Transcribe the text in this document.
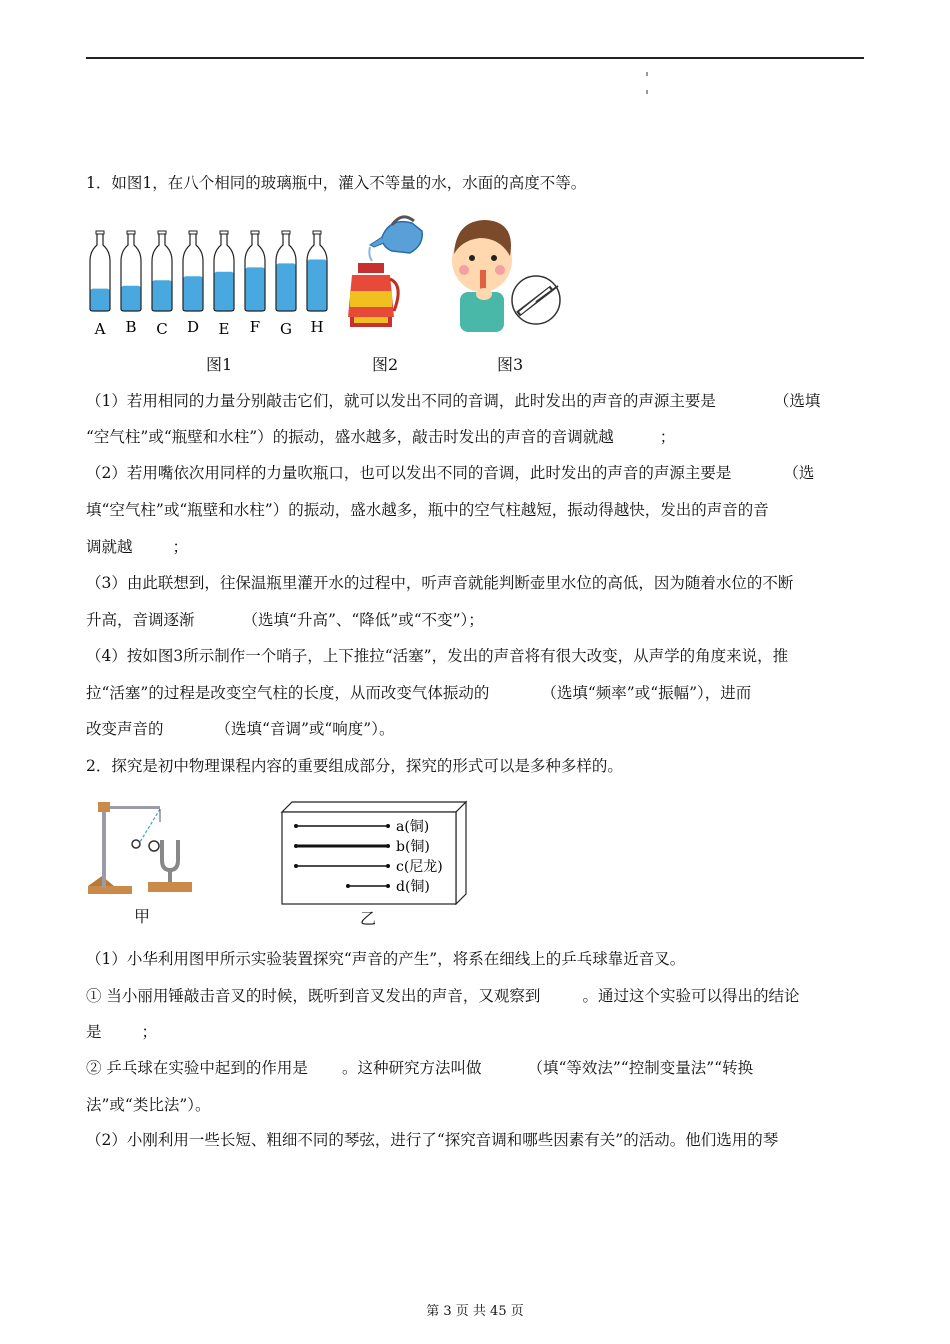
1．如图1，在八个相同的玻璃瓶中，灌入不等量的水，水面的高度不等。
A B C D E F G H
图1	图2	图3
（1）若用相同的力量分别敲击它们，就可以发出不同的音调，此时发出的声音的声源主要是	（选填
“空气柱”或“瓶壁和水柱”）的振动，盛水越多，敲击时发出的声音的音调就越	；
（2）若用嘴依次用同样的力量吹瓶口，也可以发出不同的音调，此时发出的声音的声源主要是	（选
填“空气柱”或“瓶壁和水柱”）的振动，盛水越多，瓶中的空气柱越短，振动得越快，发出的声音的音
调就越	；
（3）由此联想到，往保温瓶里灌开水的过程中，听声音就能判断壶里水位的高低，因为随着水位的不断
升高，音调逐渐	（选填“升高”、“降低”或“不变”）；
（4）按如图3所示制作一个哨子，上下推拉“活塞”，发出的声音将有很大改变，从声学的角度来说，推
拉“活塞”的过程是改变空气柱的长度，从而改变气体振动的	（选填“频率”或“振幅”），进而
改变声音的	（选填“音调”或“响度”）。
2．探究是初中物理课程内容的重要组成部分，探究的形式可以是多种多样的。
甲
a(铜)
b(铜)
c(尼龙)
d(铜)
乙
（1）小华利用图甲所示实验装置探究“声音的产生”，将系在细线上的乒乓球靠近音叉。
① 当小丽用锤敲击音叉的时候，既听到音叉发出的声音，又观察到	。通过这个实验可以得出的结论
是	；
② 乒乓球在实验中起到的作用是 。这种研究方法叫做	（填“等效法”“控制变量法”“转换
法”或“类比法”）。
（2）小刚利用一些长短、粗细不同的琴弦，进行了“探究音调和哪些因素有关”的活动。他们选用的琴
第 3 页 共 45 页
